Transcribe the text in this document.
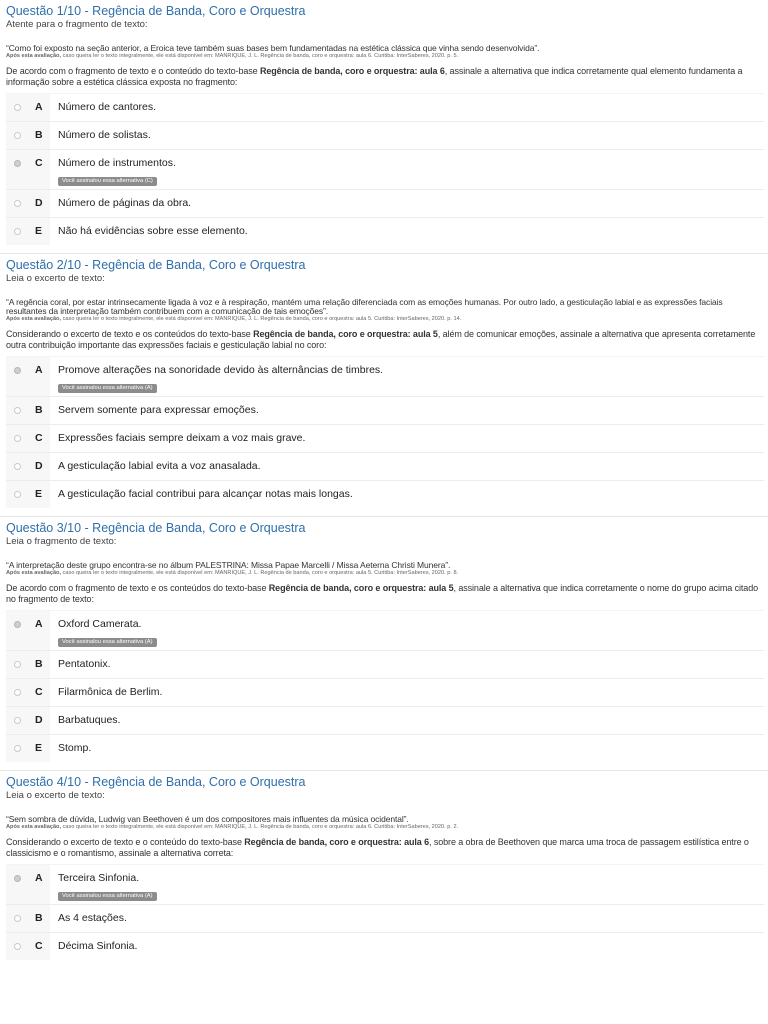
Questão 1/10 - Regência de Banda, Coro e Orquestra
Atente para o fragmento de texto:
“Como foi exposto na seção anterior, a Eroica teve também suas bases bem fundamentadas na estética clássica que vinha sendo desenvolvida”.
Após esta avaliação, caso queira ler o texto integralmente, ele está disponível em: MANRIQUE, J. L. Regência de banda, coro e orquestra: aula 6. Curitiba: InterSaberes, 2020. p. 5.
De acordo com o fragmento de texto e o conteúdo do texto-base Regência de banda, coro e orquestra: aula 6, assinale a alternativa que indica corretamente qual elemento fundamenta a informação sobre a estética clássica exposta no fragmento:
A Número de cantores.
B Número de solistas.
C Número de instrumentos.
Você assinalou essa alternativa (C)
D Número de páginas da obra.
E Não há evidências sobre esse elemento.
Questão 2/10 - Regência de Banda, Coro e Orquestra
Leia o excerto de texto:
“A regência coral, por estar intrinsecamente ligada à voz e à respiração, mantém uma relação diferenciada com as emoções humanas. Por outro lado, a gesticulação labial e as expressões faciais resultantes da interpretação também contribuem com a comunicação de tais emoções”.
Após esta avaliação, caso queira ler o texto integralmente, ele está disponível em: MANRIQUE, J. L. Regência de banda, coro e orquestra: aula 5. Curitiba: InterSaberes, 2020. p. 14.
Considerando o excerto de texto e os conteúdos do texto-base Regência de banda, coro e orquestra: aula 5, além de comunicar emoções, assinale a alternativa que apresenta corretamente outra contribuição importante das expressões faciais e gesticulação labial no coro:
A Promove alterações na sonoridade devido às alternâncias de timbres.
Você assinalou essa alternativa (A)
B Servem somente para expressar emoções.
C Expressões faciais sempre deixam a voz mais grave.
D A gesticulação labial evita a voz anasalada.
E A gesticulação facial contribui para alcançar notas mais longas.
Questão 3/10 - Regência de Banda, Coro e Orquestra
Leia o fragmento de texto:
“A interpretação deste grupo encontra-se no álbum PALESTRINA: Missa Papae Marcelli / Missa Aeterna Christi Munera”.
Após esta avaliação, caso queira ler o texto integralmente, ele está disponível em: MANRIQUE, J. L. Regência de banda, coro e orquestra: aula 5. Curitiba: InterSaberes, 2020. p. 8.
De acordo com o fragmento de texto e os conteúdos do texto-base Regência de banda, coro e orquestra: aula 5, assinale a alternativa que indica corretamente o nome do grupo acima citado no fragmento de texto:
A Oxford Camerata.
Você assinalou essa alternativa (A)
B Pentatonix.
C Filarmônica de Berlim.
D Barbatuques.
E Stomp.
Questão 4/10 - Regência de Banda, Coro e Orquestra
Leia o excerto de texto:
“Sem sombra de dúvida, Ludwig van Beethoven é um dos compositores mais influentes da música ocidental”.
Após esta avaliação, caso queira ler o texto integralmente, ele está disponível em: MANRIQUE, J. L. Regência de banda, coro e orquestra: aula 6. Curitiba: InterSaberes, 2020. p. 2.
Considerando o excerto de texto e o conteúdo do texto-base Regência de banda, coro e orquestra: aula 6, sobre a obra de Beethoven que marca uma troca de passagem estilística entre o classicismo e o romantismo, assinale a alternativa correta:
A Terceira Sinfonia.
Você assinalou essa alternativa (A)
B As 4 estações.
C Décima Sinfonia.
